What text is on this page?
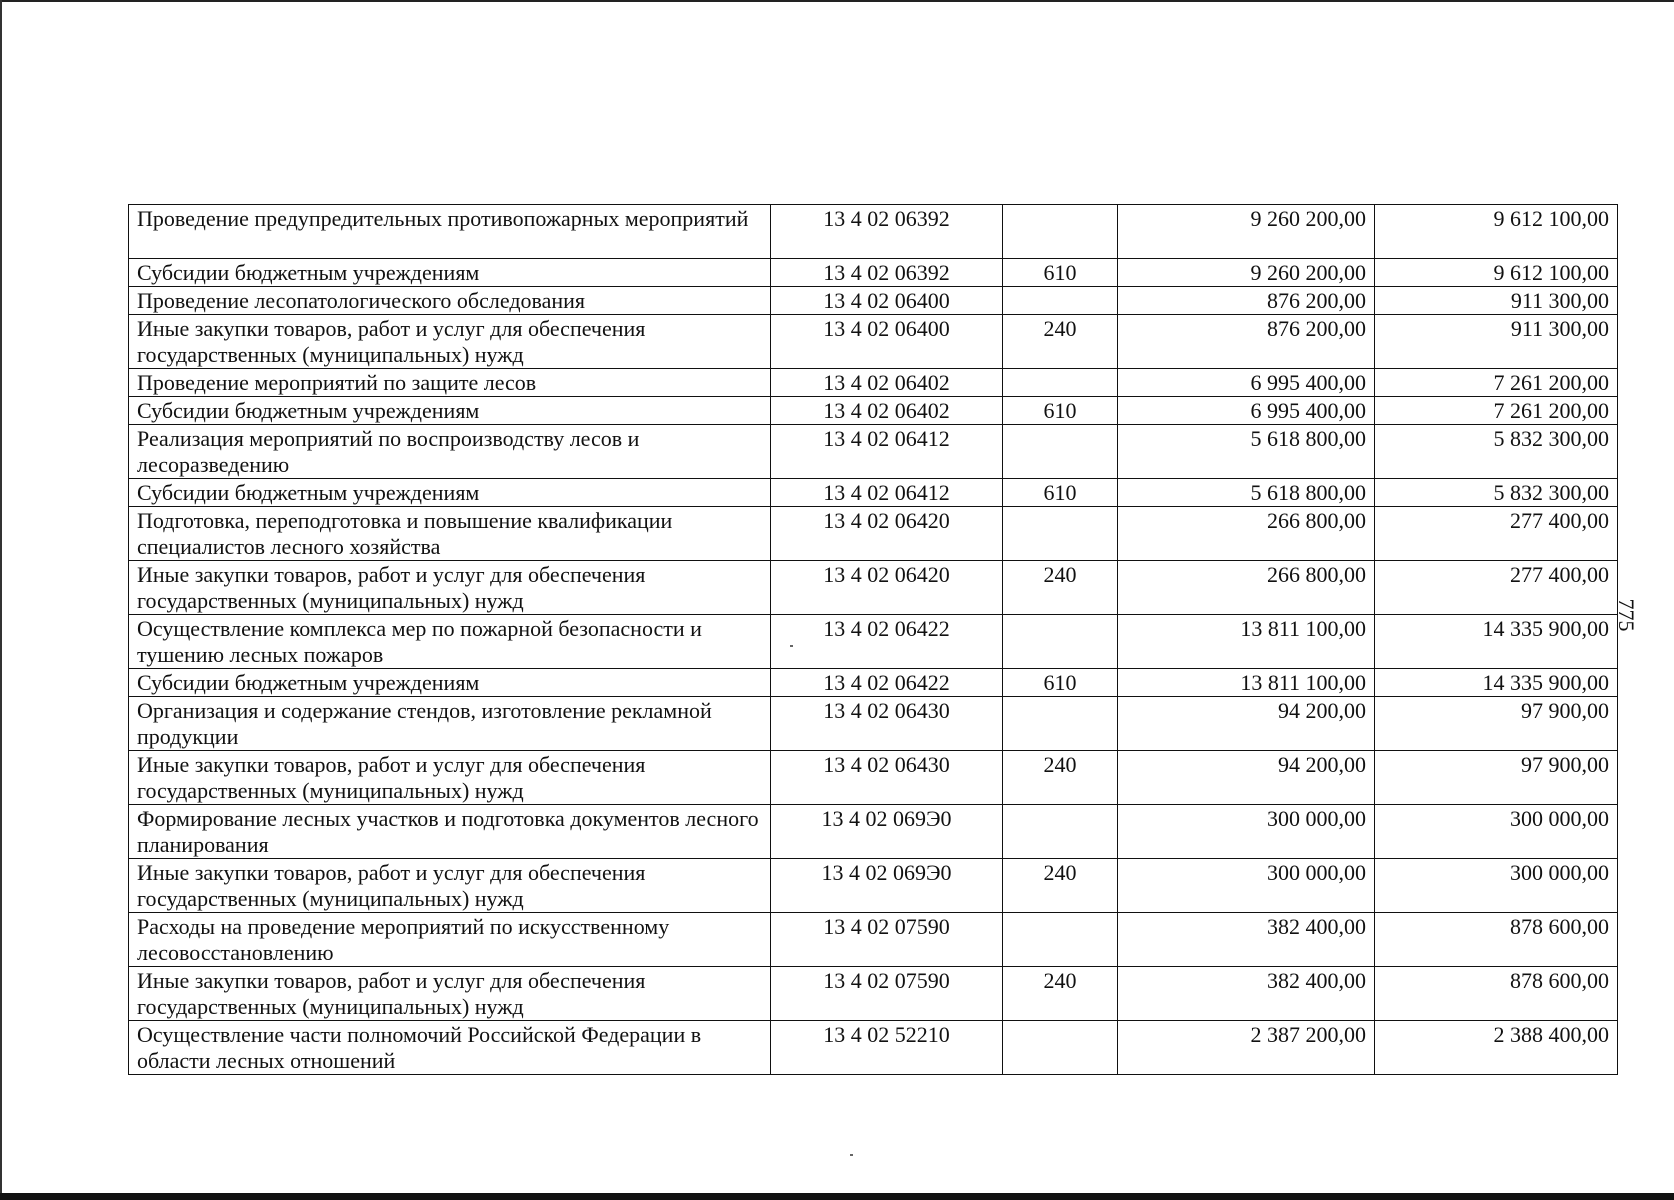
775
Проведение предупредительных противопожарных мероприятий	13 4 02 06392		9 260 200,00	9 612 100,00
Субсидии бюджетным учреждениям	13 4 02 06392	610	9 260 200,00	9 612 100,00
Проведение лесопатологического обследования	13 4 02 06400		876 200,00	911 300,00
Иные закупки товаров, работ и услуг для обеспечения государственных (муниципальных) нужд	13 4 02 06400	240	876 200,00	911 300,00
Проведение мероприятий по защите лесов	13 4 02 06402		6 995 400,00	7 261 200,00
Субсидии бюджетным учреждениям	13 4 02 06402	610	6 995 400,00	7 261 200,00
Реализация мероприятий по воспроизводству лесов и лесоразведению	13 4 02 06412		5 618 800,00	5 832 300,00
Субсидии бюджетным учреждениям	13 4 02 06412	610	5 618 800,00	5 832 300,00
Подготовка, переподготовка и повышение квалификации специалистов лесного хозяйства	13 4 02 06420		266 800,00	277 400,00
Иные закупки товаров, работ и услуг для обеспечения государственных (муниципальных) нужд	13 4 02 06420	240	266 800,00	277 400,00
Осуществление комплекса мер по пожарной безопасности и тушению лесных пожаров	13 4 02 06422		13 811 100,00	14 335 900,00
Субсидии бюджетным учреждениям	13 4 02 06422	610	13 811 100,00	14 335 900,00
Организация и содержание стендов, изготовление рекламной продукции	13 4 02 06430		94 200,00	97 900,00
Иные закупки товаров, работ и услуг для обеспечения государственных (муниципальных) нужд	13 4 02 06430	240	94 200,00	97 900,00
Формирование лесных участков и подготовка документов лесного планирования	13 4 02 069Э0		300 000,00	300 000,00
Иные закупки товаров, работ и услуг для обеспечения государственных (муниципальных) нужд	13 4 02 069Э0	240	300 000,00	300 000,00
Расходы на проведение мероприятий по искусственному лесовосстановлению	13 4 02 07590		382 400,00	878 600,00
Иные закупки товаров, работ и услуг для обеспечения государственных (муниципальных) нужд	13 4 02 07590	240	382 400,00	878 600,00
Осуществление части полномочий Российской Федерации в области лесных отношений	13 4 02 52210		2 387 200,00	2 388 400,00
